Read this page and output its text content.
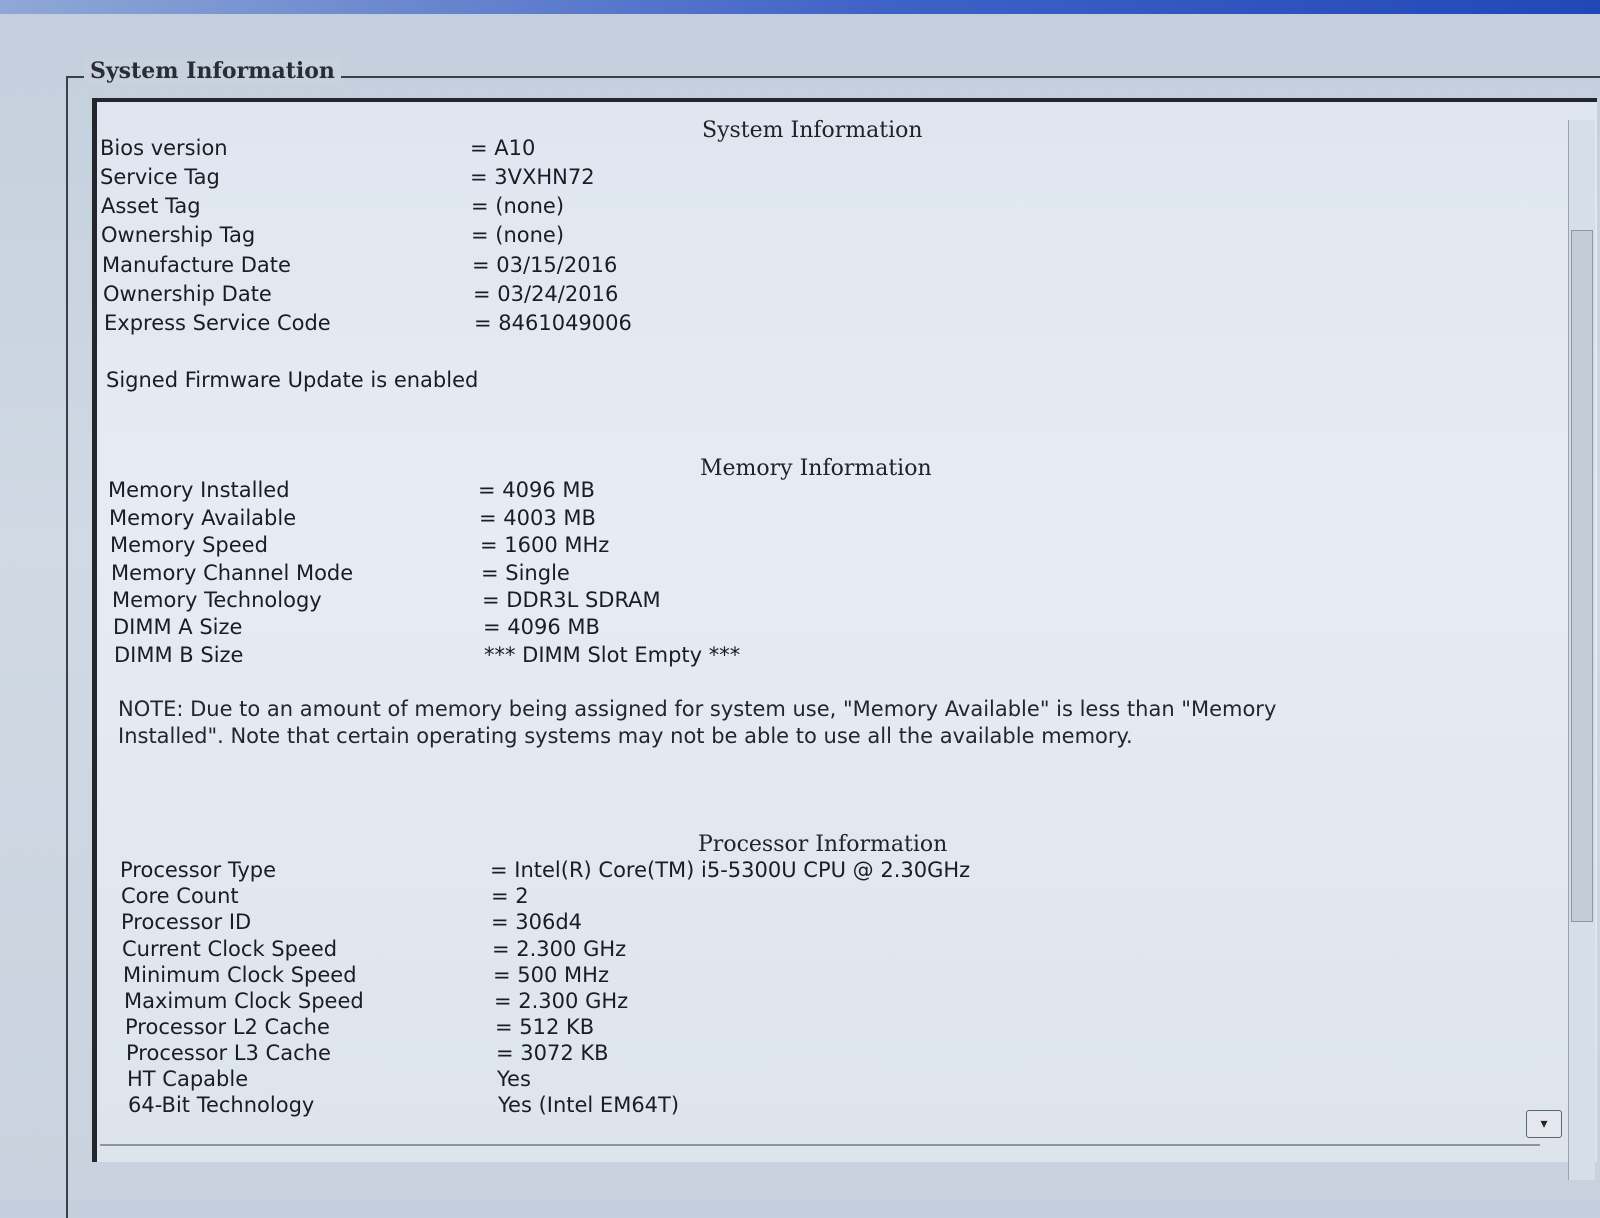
System Information
System Information
Bios version	= A10
Service Tag	= 3VXHN72
Asset Tag	= (none)
Ownership Tag	= (none)
Manufacture Date	= 03/15/2016
Ownership Date	= 03/24/2016
Express Service Code	= 8461049006
Signed Firmware Update is enabled
Memory Information
Memory Installed	= 4096 MB
Memory Available	= 4003 MB
Memory Speed	= 1600 MHz
Memory Channel Mode	= Single
Memory Technology	= DDR3L SDRAM
DIMM A Size	= 4096 MB
DIMM B Size	*** DIMM Slot Empty ***
NOTE: Due to an amount of memory being assigned for system use, "Memory Available" is less than "Memory Installed". Note that certain operating systems may not be able to use all the available memory.
Processor Information
Processor Type	= Intel(R) Core(TM) i5-5300U CPU @ 2.30GHz
Core Count	= 2
Processor ID	= 306d4
Current Clock Speed	= 2.300 GHz
Minimum Clock Speed	= 500 MHz
Maximum Clock Speed	= 2.300 GHz
Processor L2 Cache	= 512 KB
Processor L3 Cache	= 3072 KB
HT Capable	Yes
64-Bit Technology	Yes (Intel EM64T)
▾
